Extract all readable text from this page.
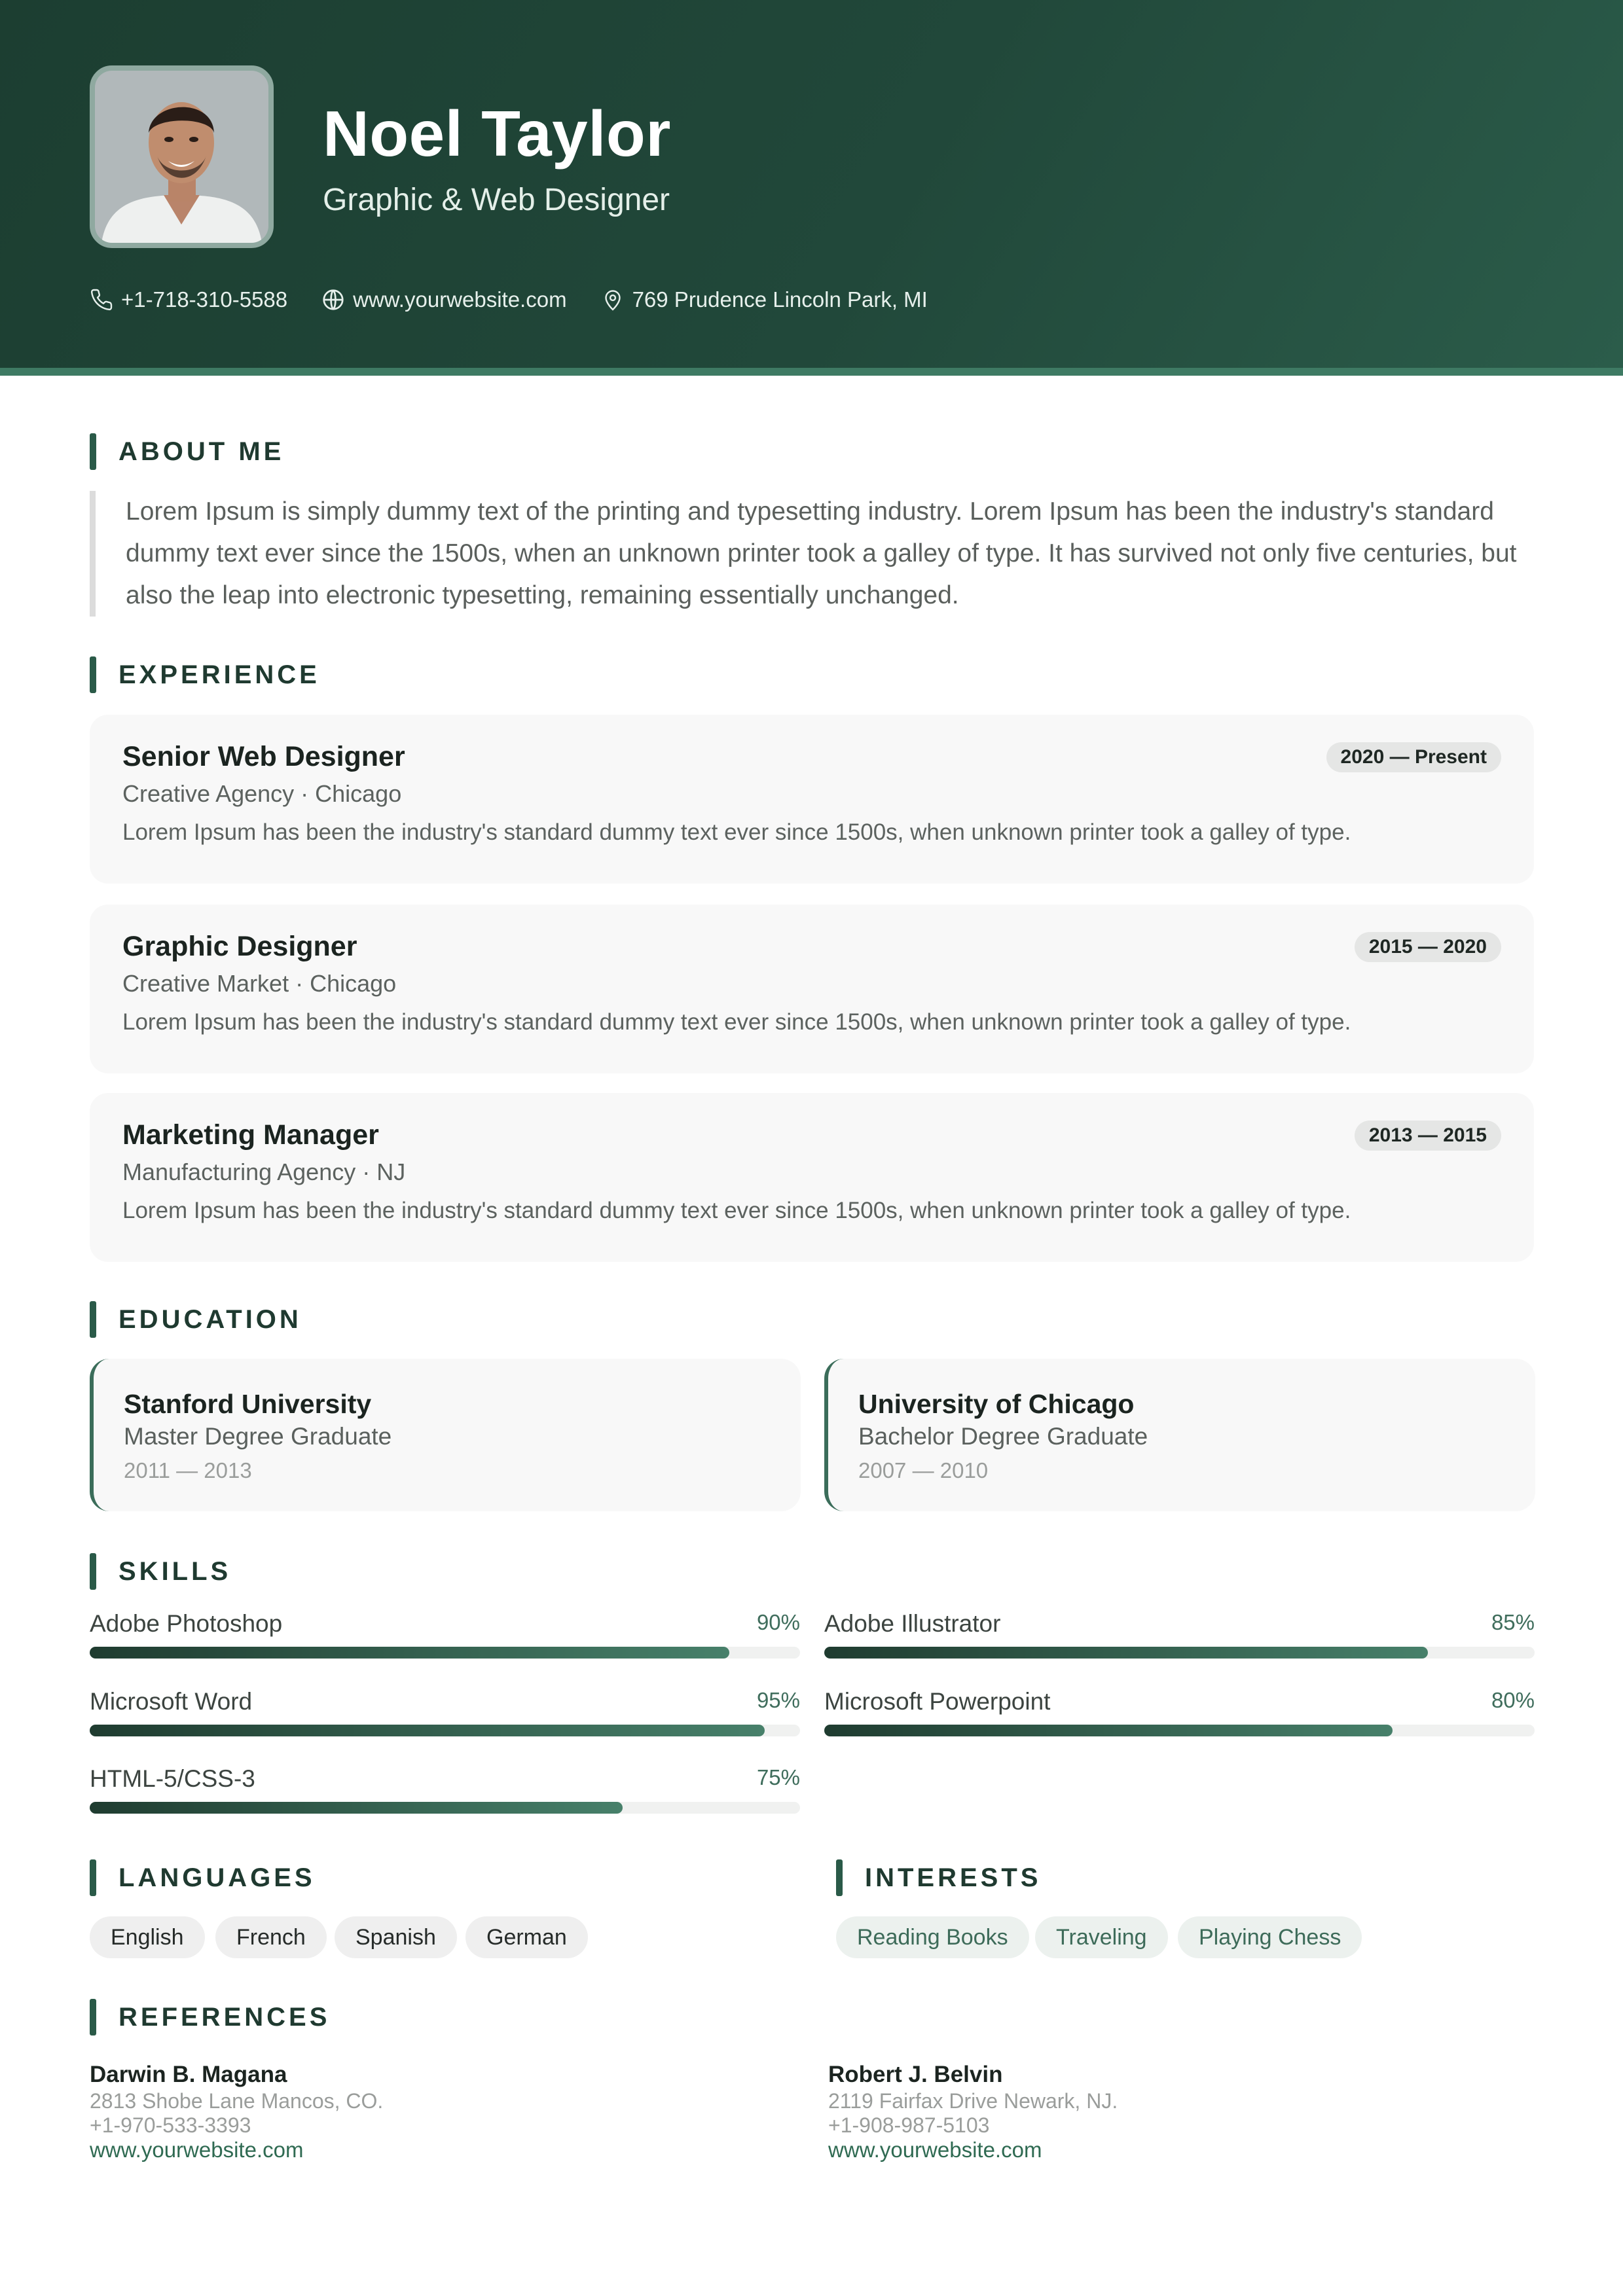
Noel Taylor
Graphic & Web Designer
+1-718-310-5588	www.yourwebsite.com	769 Prudence Lincoln Park, MI
ABOUT ME
Lorem Ipsum is simply dummy text of the printing and typesetting industry. Lorem Ipsum has been the industry's standard dummy text ever since the 1500s, when an unknown printer took a galley of type. It has survived not only five centuries, but also the leap into electronic typesetting, remaining essentially unchanged.
EXPERIENCE
Senior Web Designer	2020 — Present
Creative Agency · Chicago
Lorem Ipsum has been the industry's standard dummy text ever since 1500s, when unknown printer took a galley of type.
Graphic Designer	2015 — 2020
Creative Market · Chicago
Lorem Ipsum has been the industry's standard dummy text ever since 1500s, when unknown printer took a galley of type.
Marketing Manager	2013 — 2015
Manufacturing Agency · NJ
Lorem Ipsum has been the industry's standard dummy text ever since 1500s, when unknown printer took a galley of type.
EDUCATION
Stanford University
Master Degree Graduate
2011 — 2013
University of Chicago
Bachelor Degree Graduate
2007 — 2010
SKILLS
Adobe Photoshop	90% Adobe Illustrator	85%
Microsoft Word	95% Microsoft Powerpoint	80%
HTML-5/CSS-3	75%
LANGUAGES	INTERESTS
English	French	Spanish	German	Reading Books	Traveling	Playing Chess
REFERENCES
Darwin B. Magana
2813 Shobe Lane Mancos, CO.
+1-970-533-3393
www.yourwebsite.com
Robert J. Belvin
2119 Fairfax Drive Newark, NJ.
+1-908-987-5103
www.yourwebsite.com
